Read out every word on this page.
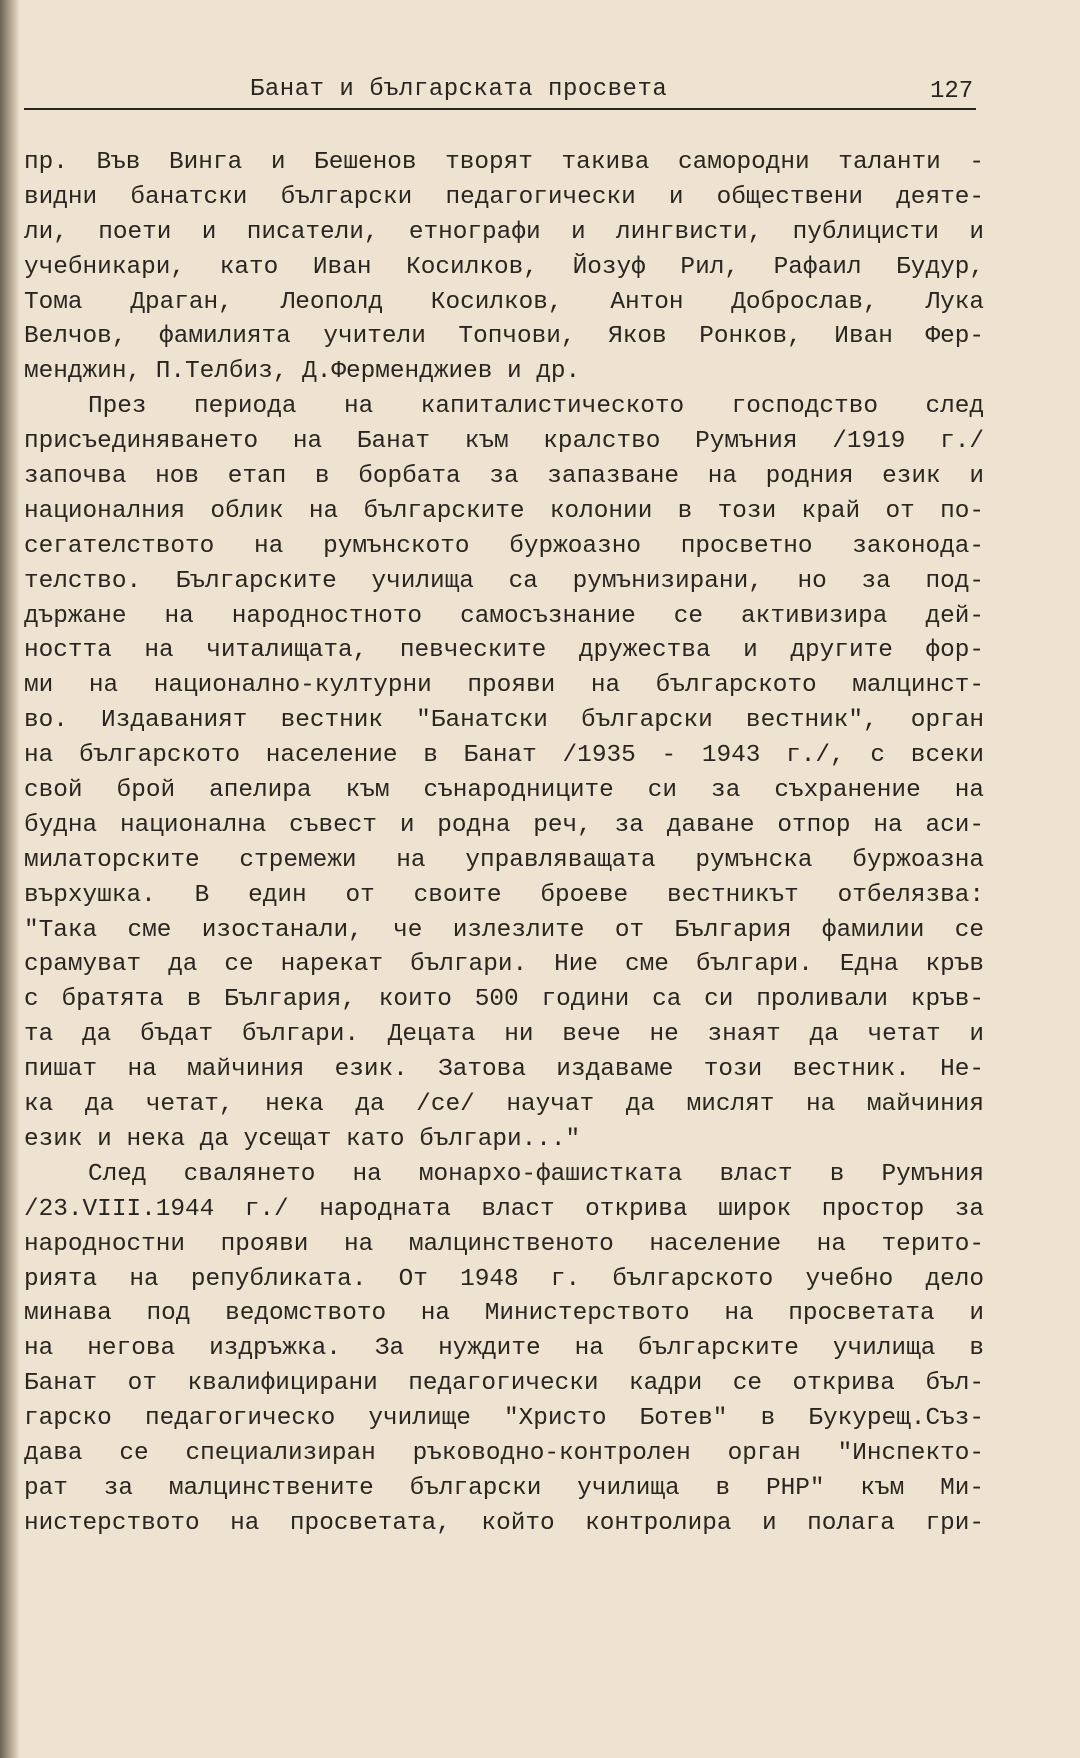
Банат и българската просвета	127
пр. Във Винга и Бешенов творят такива самородни таланти -
видни банатски български педагогически и обществени деяте-
ли, поети и писатели, етнографи и лингвисти, публицисти и
учебникари, като Иван Косилков, Йозуф Рил, Рафаил Будур,
Тома Драган, Леополд Косилков, Антон Доброслав, Лука
Велчов, фамилията учители Топчови, Яков Ронков, Иван Фер-
менджин, П.Телбиз, Д.Ферменджиев и др.
През периода на капиталистическото господство след
присъединяването на Банат към кралство Румъния /1919 г./
започва нов етап в борбата за запазване на родния език и
националния облик на българските колонии в този край от по-
сегателството на румънското буржоазно просветно законода-
телство. Българските училища са румънизирани, но за под-
държане на народностното самосъзнание се активизира дей-
ността на читалищата, певческите дружества и другите фор-
ми на национално-културни прояви на българското малцинст-
во. Издаваният вестник "Банатски български вестник", орган
на българското население в Банат /1935 - 1943 г./, с всеки
свой брой апелира към сънародниците си за съхранение на
будна национална съвест и родна реч, за даване отпор на аси-
милаторските стремежи на управляващата румънска буржоазна
върхушка. В един от своите броеве вестникът отбелязва:
"Така сме изостанали, че излезлите от България фамилии се
срамуват да се нарекат българи. Ние сме българи. Една кръв
с братята в България, които 500 години са си проливали кръв-
та да бъдат българи. Децата ни вече не знаят да четат и
пишат на майчиния език. Затова издаваме този вестник. Не-
ка да четат, нека да /се/ научат да мислят на майчиния
език и нека да усещат като българи..."
След свалянето на монархо-фашистката власт в Румъния
/23.VIII.1944 г./ народната власт открива широк простор за
народностни прояви на малцинственото население на терито-
рията на републиката. От 1948 г. българското учебно дело
минава под ведомството на Министерството на просветата и
на негова издръжка. За нуждите на българските училища в
Банат от квалифицирани педагогически кадри се открива бъл-
гарско педагогическо училище "Христо Ботев" в Букурещ.Съз-
дава се специализиран ръководно-контролен орган "Инспекто-
рат за малцинствените български училища в РНР" към Ми-
нистерството на просветата, който контролира и полага гри-
